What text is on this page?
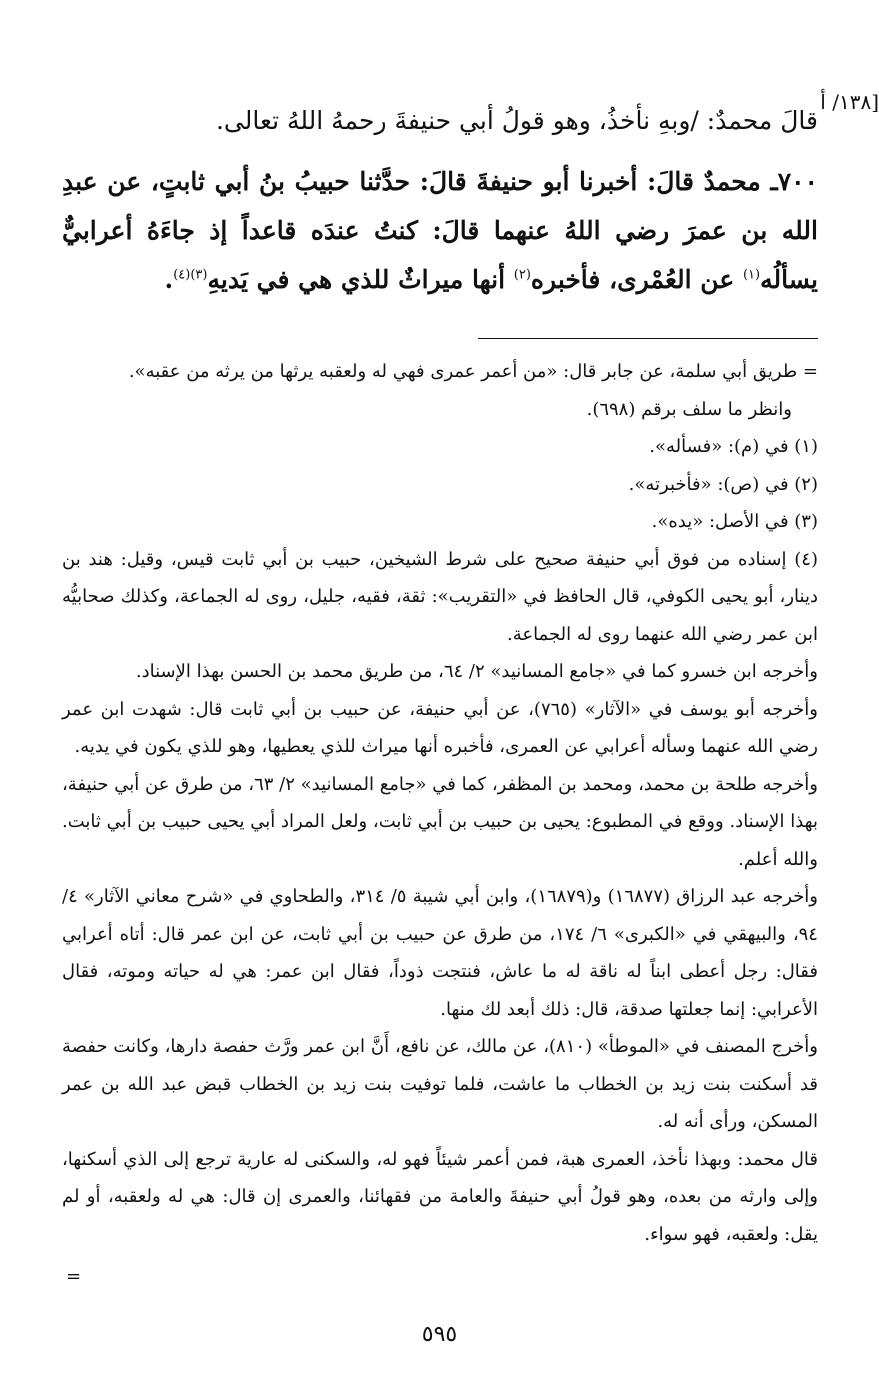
[١٣٨/ أ

قالَ محمدٌ: /وبهِ نأخذُ، وهو قولُ أبي حنيفةَ رحمهُ اللهُ تعالى.

٧٠٠ـ محمدٌ قالَ: أخبرنا أبو حنيفةَ قالَ: حدَّثنا حبيبُ بنُ أبي ثابتٍ، عن عبدِ الله بن عمرَ رضي اللهُ عنهما قالَ: كنتُ عندَه قاعداً إذ جاءَهُ أعرابيٌّ يسألُه$^{(١)}$ عن العُمْرى، فأخبره$^{(٢)}$ أنها ميراثٌ للذي هي في يَديهِ$^{(٣)(٤)}$.

= طريق أبي سلمة، عن جابر قال: «من أعمر عمرى فهي له ولعقبه يرثها من يرثه من عقبه».

وانظر ما سلف برقم (٦٩٨).

(١) في (م): «فسأله».

(٢) في (ص): «فأخبرته».

(٣) في الأصل: «يده».

(٤) إسناده من فوق أبي حنيفة صحيح على شرط الشيخين، حبيب بن أبي ثابت قيس، وقيل: هند بن دينار، أبو يحيى الكوفي، قال الحافظ في «التقريب»: ثقة، فقيه، جليل، روى له الجماعة، وكذلك صحابيُّه ابن عمر رضي الله عنهما روى له الجماعة.

وأخرجه ابن خسرو كما في «جامع المسانيد» ٢/ ٦٤، من طريق محمد بن الحسن بهذا الإسناد.

وأخرجه أبو يوسف في «الآثار» (٧٦٥)، عن أبي حنيفة، عن حبيب بن أبي ثابت قال: شهدت ابن عمر رضي الله عنهما وسأله أعرابي عن العمرى، فأخبره أنها ميراث للذي يعطيها، وهو للذي يكون في يديه.

وأخرجه طلحة بن محمد، ومحمد بن المظفر، كما في «جامع المسانيد» ٢/ ٦٣، من طرق عن أبي حنيفة، بهذا الإسناد. ووقع في المطبوع: يحيى بن حبيب بن أبي ثابت، ولعل المراد أبي يحيى حبيب بن أبي ثابت. والله أعلم.

وأخرجه عبد الرزاق (١٦٨٧٧) و(١٦٨٧٩)، وابن أبي شيبة ٥/ ٣١٤، والطحاوي في «شرح معاني الآثار» ٤/ ٩٤، والبيهقي في «الكبرى» ٦/ ١٧٤، من طرق عن حبيب بن أبي ثابت، عن ابن عمر قال: أتاه أعرابي فقال: رجل أعطى ابناً له ناقة له ما عاش، فنتجت ذوداً، فقال ابن عمر: هي له حياته وموته، فقال الأعرابي: إنما جعلتها صدقة، قال: ذلك أبعد لك منها.

وأخرج المصنف في «الموطأ» (٨١٠)، عن مالك، عن نافع، أَنَّ ابن عمر ورَّث حفصة دارها، وكانت حفصة قد أسكنت بنت زيد بن الخطاب ما عاشت، فلما توفيت بنت زيد بن الخطاب قبض عبد الله بن عمر المسكن، ورأى أنه له.

قال محمد: وبهذا نأخذ، العمرى هبة، فمن أعمر شيئاً فهو له، والسكنى له عارية ترجع إلى الذي أسكنها، وإلى وارثه من بعده، وهو قولُ أبي حنيفةَ والعامة من فقهائنا، والعمرى إن قال: هي له ولعقبه، أو لم يقل: ولعقبه، فهو سواء.

=
٥٩٥
